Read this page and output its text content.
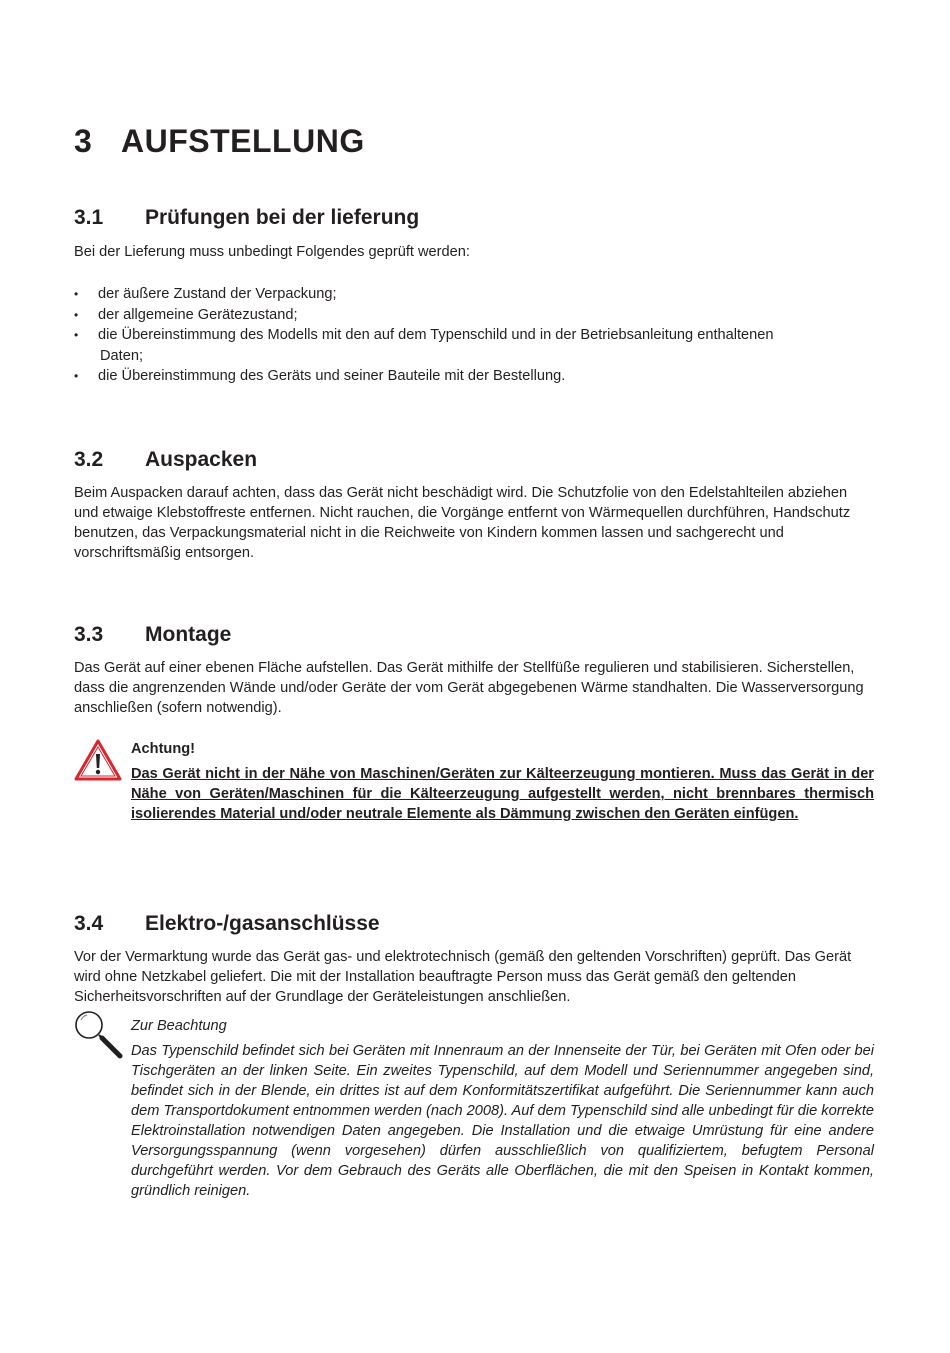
3 AUFSTELLUNG
3.1 Prüfungen bei der lieferung

Bei der Lieferung muss unbedingt Folgendes geprüft werden:

• der äußere Zustand der Verpackung;
• der allgemeine Gerätezustand;
• die Übereinstimmung des Modells mit den auf dem Typenschild und in der Betriebsanleitung enthaltenen
Daten;
• die Übereinstimmung des Geräts und seiner Bauteile mit der Bestellung.
3.2 Auspacken

Beim Auspacken darauf achten, dass das Gerät nicht beschädigt wird. Die Schutzfolie von den Edelstahlteilen abziehen und etwaige Klebstoffreste entfernen. Nicht rauchen, die Vorgänge entfernt von Wärmequellen durchführen, Handschutz benutzen, das Verpackungsmaterial nicht in die Reichweite von Kindern kommen lassen und sachgerecht und vorschriftsmäßig entsorgen.

3.3 Montage

Das Gerät auf einer ebenen Fläche aufstellen. Das Gerät mithilfe der Stellfüße regulieren und stabilisieren. Sicherstellen, dass die angrenzenden Wände und/oder Geräte der vom Gerät abgegebenen Wärme standhalten. Die Wasserversorgung anschließen (sofern notwendig).

Achtung!

Das Gerät nicht in der Nähe von Maschinen/Geräten zur Kälteerzeugung montieren. Muss das Gerät in der Nähe von Geräten/Maschinen für die Kälteerzeugung aufgestellt werden, nicht brennbares thermisch isolierendes Material und/oder neutrale Elemente als Dämmung zwischen den Geräten einfügen.

3.4 Elektro-/gasanschlüsse

Vor der Vermarktung wurde das Gerät gas- und elektrotechnisch (gemäß den geltenden Vorschriften) geprüft. Das Gerät wird ohne Netzkabel geliefert. Die mit der Installation beauftragte Person muss das Gerät gemäß den geltenden Sicherheitsvorschriften auf der Grundlage der Geräteleistungen anschließen.

Zur Beachtung

Das Typenschild befindet sich bei Geräten mit Innenraum an der Innenseite der Tür, bei Geräten mit Ofen oder bei Tischgeräten an der linken Seite. Ein zweites Typenschild, auf dem Modell und Seriennummer angegeben sind, befindet sich in der Blende, ein drittes ist auf dem Konformitätszertifikat aufgeführt. Die Seriennummer kann auch dem Transportdokument entnommen werden (nach 2008). Auf dem Typenschild sind alle unbedingt für die korrekte Elektroinstallation notwendigen Daten angegeben. Die Installation und die etwaige Umrüstung für eine andere Versorgungsspannung (wenn vorgesehen) dürfen ausschließlich von qualifiziertem, befugtem Personal durchgeführt werden. Vor dem Gebrauch des Geräts alle Oberflächen, die mit den Speisen in Kontakt kommen, gründlich reinigen.
